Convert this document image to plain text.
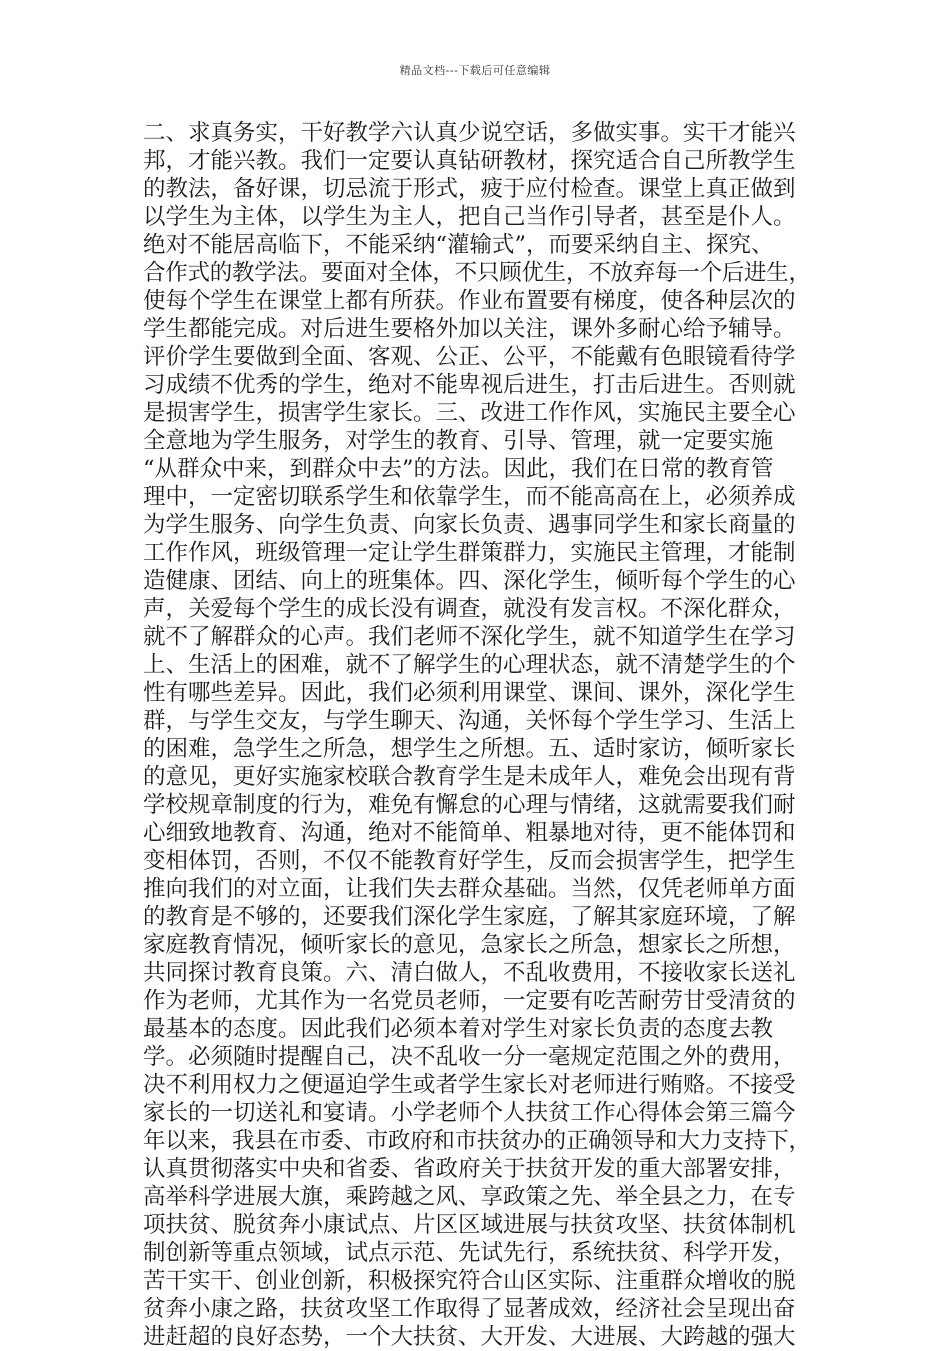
精品文档---下载后可任意编辑
二、求真务实，干好教学六认真少说空话，多做实事。实干才能兴
邦，才能兴教。我们一定要认真钻研教材，探究适合自己所教学生
的教法，备好课，切忌流于形式，疲于应付检查。课堂上真正做到
以学生为主体，以学生为主人，把自己当作引导者，甚至是仆人。
绝对不能居高临下，不能采纳“灌输式”，而要采纳自主、探究、
合作式的教学法。要面对全体，不只顾优生，不放弃每一个后进生，
使每个学生在课堂上都有所获。作业布置要有梯度，使各种层次的
学生都能完成。对后进生要格外加以关注，课外多耐心给予辅导。
评价学生要做到全面、客观、公正、公平，不能戴有色眼镜看待学
习成绩不优秀的学生，绝对不能卑视后进生，打击后进生。否则就
是损害学生，损害学生家长。三、改进工作作风，实施民主要全心
全意地为学生服务，对学生的教育、引导、管理，就一定要实施
“从群众中来，到群众中去”的方法。因此，我们在日常的教育管
理中，一定密切联系学生和依靠学生，而不能高高在上，必须养成
为学生服务、向学生负责、向家长负责、遇事同学生和家长商量的
工作作风，班级管理一定让学生群策群力，实施民主管理，才能制
造健康、团结、向上的班集体。四、深化学生，倾听每个学生的心
声，关爱每个学生的成长没有调查，就没有发言权。不深化群众，
就不了解群众的心声。我们老师不深化学生，就不知道学生在学习
上、生活上的困难，就不了解学生的心理状态，就不清楚学生的个
性有哪些差异。因此，我们必须利用课堂、课间、课外，深化学生
群，与学生交友，与学生聊天、沟通，关怀每个学生学习、生活上
的困难，急学生之所急，想学生之所想。五、适时家访，倾听家长
的意见，更好实施家校联合教育学生是未成年人，难免会出现有背
学校规章制度的行为，难免有懈怠的心理与情绪，这就需要我们耐
心细致地教育、沟通，绝对不能简单、粗暴地对待，更不能体罚和
变相体罚，否则，不仅不能教育好学生，反而会损害学生，把学生
推向我们的对立面，让我们失去群众基础。当然，仅凭老师单方面
的教育是不够的，还要我们深化学生家庭，了解其家庭环境，了解
家庭教育情况，倾听家长的意见，急家长之所急，想家长之所想，
共同探讨教育良策。六、清白做人，不乱收费用，不接收家长送礼
作为老师，尤其作为一名党员老师，一定要有吃苦耐劳甘受清贫的
最基本的态度。因此我们必须本着对学生对家长负责的态度去教
学。必须随时提醒自己，决不乱收一分一毫规定范围之外的费用，
决不利用权力之便逼迫学生或者学生家长对老师进行贿赂。不接受
家长的一切送礼和宴请。小学老师个人扶贫工作心得体会第三篇今
年以来，我县在市委、市政府和市扶贫办的正确领导和大力支持下，
认真贯彻落实中央和省委、省政府关于扶贫开发的重大部署安排，
高举科学进展大旗，乘跨越之风、享政策之先、举全县之力，在专
项扶贫、脱贫奔小康试点、片区区域进展与扶贫攻坚、扶贫体制机
制创新等重点领域，试点示范、先试先行，系统扶贫、科学开发，
苦干实干、创业创新，积极探究符合山区实际、注重群众增收的脱
贫奔小康之路，扶贫攻坚工作取得了显著成效，经济社会呈现出奋
进赶超的良好态势，一个大扶贫、大开发、大进展、大跨越的强大
